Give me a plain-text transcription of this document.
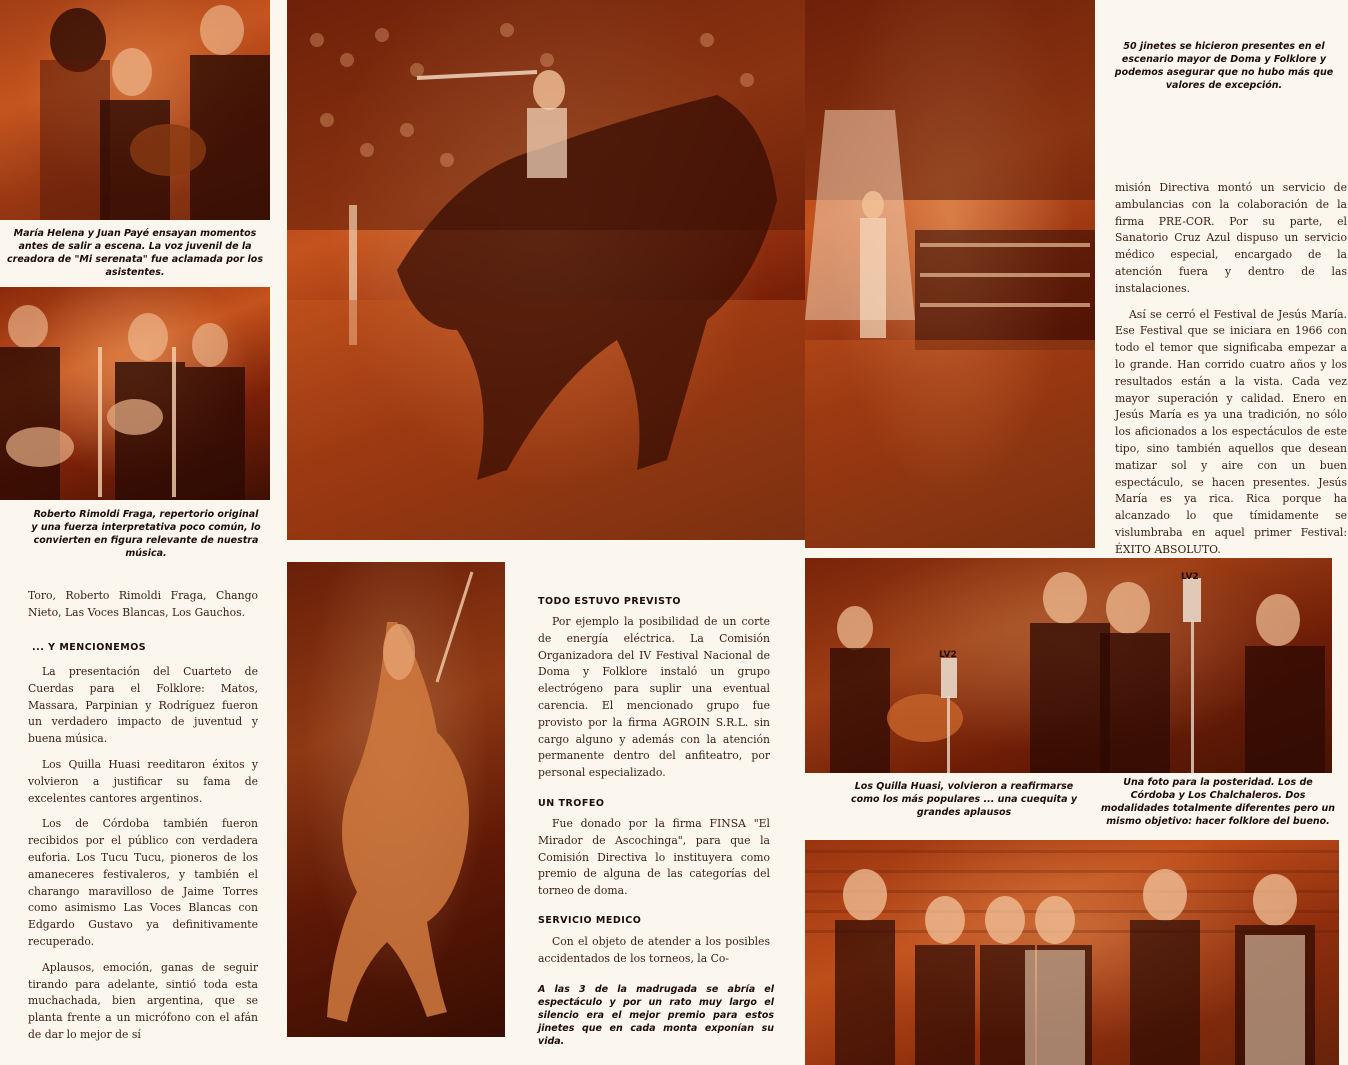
María Helena y Juan Payé ensayan momentos antes de salir a escena. La voz juvenil de la creadora de "Mi serenata" fue aclamada por los asistentes.

Roberto Rimoldi Fraga, repertorio original y una fuerza interpretativa poco común, lo convierten en figura relevante de nuestra música.

50 jinetes se hicieron presentes en el escenario mayor de Doma y Folklore y podemos asegurar que no hubo más que valores de excepción.

misión Directiva montó un servicio de ambulancias con la colaboración de la firma PRE-COR. Por su parte, el Sanatorio Cruz Azul dispuso un servicio médico especial, encargado de la atención fuera y dentro de las instalaciones.

Así se cerró el Festival de Jesús María. Ese Festival que se iniciara en 1966 con todo el temor que significaba empezar a lo grande. Han corrido cuatro años y los resultados están a la vista. Cada vez mayor superación y calidad. Enero en Jesús María es ya una tradición, no sólo los aficionados a los espectáculos de este tipo, sino también aquellos que desean matizar sol y aire con un buen espectáculo, se hacen presentes. Jesús María es ya rica. Rica porque ha alcanzado lo que tímidamente se vislumbraba en aquel primer Festival: ÉXITO ABSOLUTO.

Toro, Roberto Rimoldi Fraga, Chango Nieto, Las Voces Blancas, Los Gauchos.

... Y MENCIONEMOS

La presentación del Cuarteto de Cuerdas para el Folklore: Matos, Massara, Parpinian y Rodríguez fueron un verdadero impacto de juventud y buena música.

Los Quilla Huasi reeditaron éxitos y volvieron a justificar su fama de excelentes cantores argentinos.

Los de Córdoba también fueron recibidos por el público con verdadera euforia. Los Tucu Tucu, pioneros de los amaneceres festivaleros, y también el charango maravilloso de Jaime Torres como asimismo Las Voces Blancas con Edgardo Gustavo ya definitivamente recuperado.

Aplausos, emoción, ganas de seguir tirando para adelante, sintió toda esta muchachada, bien argentina, que se planta frente a un micrófono con el afán de dar lo mejor de sí

TODO ESTUVO PREVISTO

Por ejemplo la posibilidad de un corte de energía eléctrica. La Comisión Organizadora del IV Festival Nacional de Doma y Folklore instaló un grupo electrógeno para suplir una eventual carencia. El mencionado grupo fue provisto por la firma AGROIN S.R.L. sin cargo alguno y además con la atención permanente dentro del anfiteatro, por personal especializado.

UN TROFEO

Fue donado por la firma FINSA "El Mirador de Ascochinga", para que la Comisión Directiva lo instituyera como premio de alguna de las categorías del torneo de doma.

SERVICIO MEDICO

Con el objeto de atender a los posibles accidentados de los torneos, la Co-

A las 3 de la madrugada se abría el espectáculo y por un rato muy largo el silencio era el mejor premio para estos jinetes que en cada monta exponían su vida.

LV2
LV2

Los Quilla Huasi, volvieron a reafirmarse como los más populares ... una cuequita y grandes aplausos

Una foto para la posteridad. Los de Córdoba y Los Chalchaleros. Dos modalidades totalmente diferentes pero un mismo objetivo: hacer folklore del bueno.
